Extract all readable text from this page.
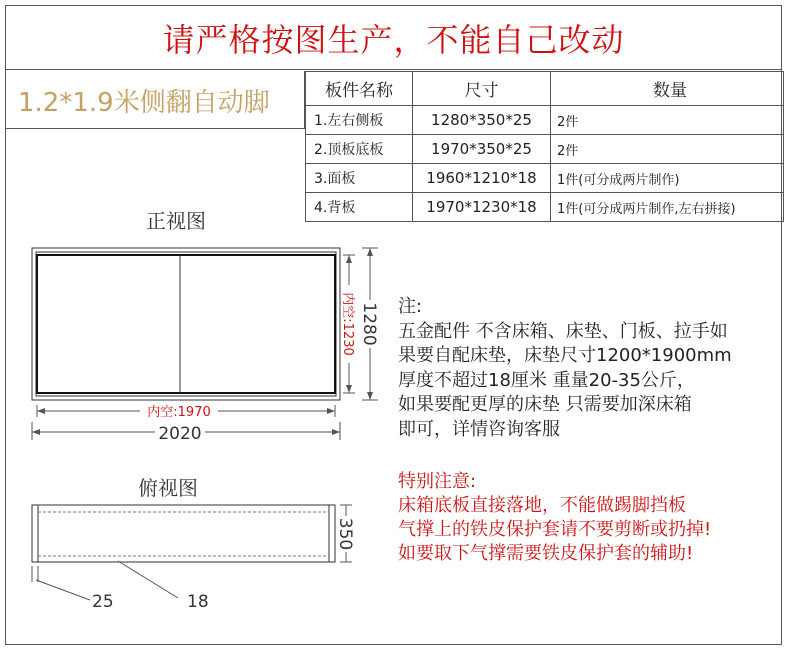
请严格按图生产，不能自己改动
1.2*1.9米侧翻自动脚	板件名称	尺寸	数量
1.左右侧板	1280*350*25	2件
2.顶板底板	1970*350*25	2件
3.面板	1960*1210*18	1件(可分成两片制作)
4.背板	1970*1230*18	1件(可分成两片制作,左右拼接)
正视图
俯视图
内空:1970
2020
内空:1230 1280
350
25	18
注:
五金配件 不含床箱、床垫、门板、拉手如
果要自配床垫，床垫尺寸1200*1900mm
厚度不超过18厘米 重量20-35公斤，
如果要配更厚的床垫 只需要加深床箱
即可，详情咨询客服
特别注意:
床箱底板直接落地，不能做踢脚挡板
气撑上的铁皮保护套请不要剪断或扔掉!
如要取下气撑需要铁皮保护套的辅助!
